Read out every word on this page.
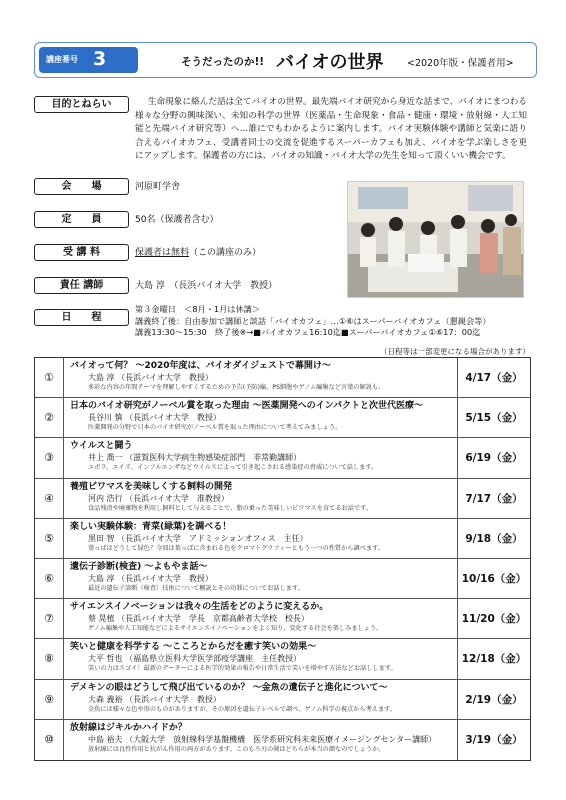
講座番号 3	そうだったのか!! バイオの世界 <2020年版・保護者用>
目的とねらい	生命現象に絡んだ話は全てバイオの世界。最先端バイオ研究から身近な話まで、バイオにまつわる様々な分野の興味深い、未知の科学の世界（医薬品・生命現象・食品・健康・環境・放射線・人工知能と先端バイオ研究等）へ…誰にでもわかるように案内します。バイオ実験体験や講師と気楽に語り合えるバイオカフェ、受講者同士の交流を促進するスーパーカフェも加え、バイオを学ぶ楽しさを更にアップします。保護者の方には、バイオの知識・バイオ大学の先生を知って頂くいい機会です。
会　　場	河原町学舎
定　　員	50名（保護者含む）
受 講 料	保護者は無料（この講座のみ）
責任 講師	大島 淳　（長浜バイオ大学　教授）
日　　程
第３金曜日　＜8月・1月は休講＞
講義終了後：自由参加で講師と談話「バイオカフェ」…①⑥はスーパーバイオカフェ（懇親会等）
講義13:30～15:30　終了後※→■バイオカフェ16:10迄■スーパーバイオカフェ①⑥17：00迄
（日程等は一部変更になる場合があります）
①
バイオって何？ ～2020年度は、バイオダイジェストで幕開け～
大島 淳 （長浜バイオ大学　教授）
多彩な内容の年間テーマを理解しやすくするための予告(予防)編。PS細胞やゲノム編集など言葉の解説も。
4/17（金）
②
日本のバイオ研究がノーベル賞を取った理由 ～医薬開発へのインパクトと次世代医療～
長谷川 慎 （長浜バイオ大学　教授）
医薬開発の分野で日本のバイオ研究がノーベル賞を取った理由について考えてみましょう。
5/15（金）
③
ウイルスと闘う
井上 喬一 （滋賀医科大学病生物感染症部門　非常勤講師）
エボラ、エイズ、インフルエンザなどウイルスによって引き起こされる感染症の脅威について話します。
6/19（金）
④
養殖ビワマスを美味しくする飼料の開発
河内 浩行 （長浜バイオ大学　准教授）
食品残渣や廃棄物を利用し飼料として与えることで、脂の乗った美味しいビワマスを育てるお話です。
7/17（金）
⑤
楽しい実験体験：青菜(緑葉)を調べる！
黒田 智 （長浜バイオ大学　アドミッションオフィス　主任）
葉っぱはどうして緑色？今回は葉っぱに含まれる色をクロマトグラフィーともう一つの性質から調べます。
9/18（金）
⑥
遺伝子診断(検査) ～よもやま話～
大島 淳 （長浜バイオ大学　教授）
最近の遺伝子診断（検査）技術について概説とその功罪についてお話します。
10/16（金）
⑦
サイエンスイノベーションは我々の生活をどのように変えるか。
蔡 晃植 （長浜バイオ大学　学長　京都高齢者大学校　校長）
ゲノム編集や人工知能などによるサイエンスイノベーションをよく知り、変化する社会を楽しみましょう。
11/20（金）
⑧
笑いと健康を科学する ～こころとからだを癒す笑いの効果～
大平 哲也 （福島県立医科大学医学部疫学講座　主任教授）
笑いの力はスゴイ！最新のデーターによる医学的効果の報告や日常生活で笑いを増やす方法などお話しします。
12/18（金）
⑨
デメキンの眼はどうして飛び出ているのか？ ～金魚の遺伝子と進化について～
大森 義裕 （長浜バイオ大学　教授）
金魚には様々な色や形のものがありますが、その原因を遺伝子レベルで調べ、ゲノム科学の視点から考えます。
2/19（金）
⑩
放射線はジキルかハイドか？
中島 裕夫 （大阪大学　放射線科学基盤機構　医学系研究科未来医療イメージングセンター講師）
放射線には良性作用と抗がん作用の両方があります。このもろ刃の剣はどちらが本当の顔なのでしょうか。
3/19（金）
